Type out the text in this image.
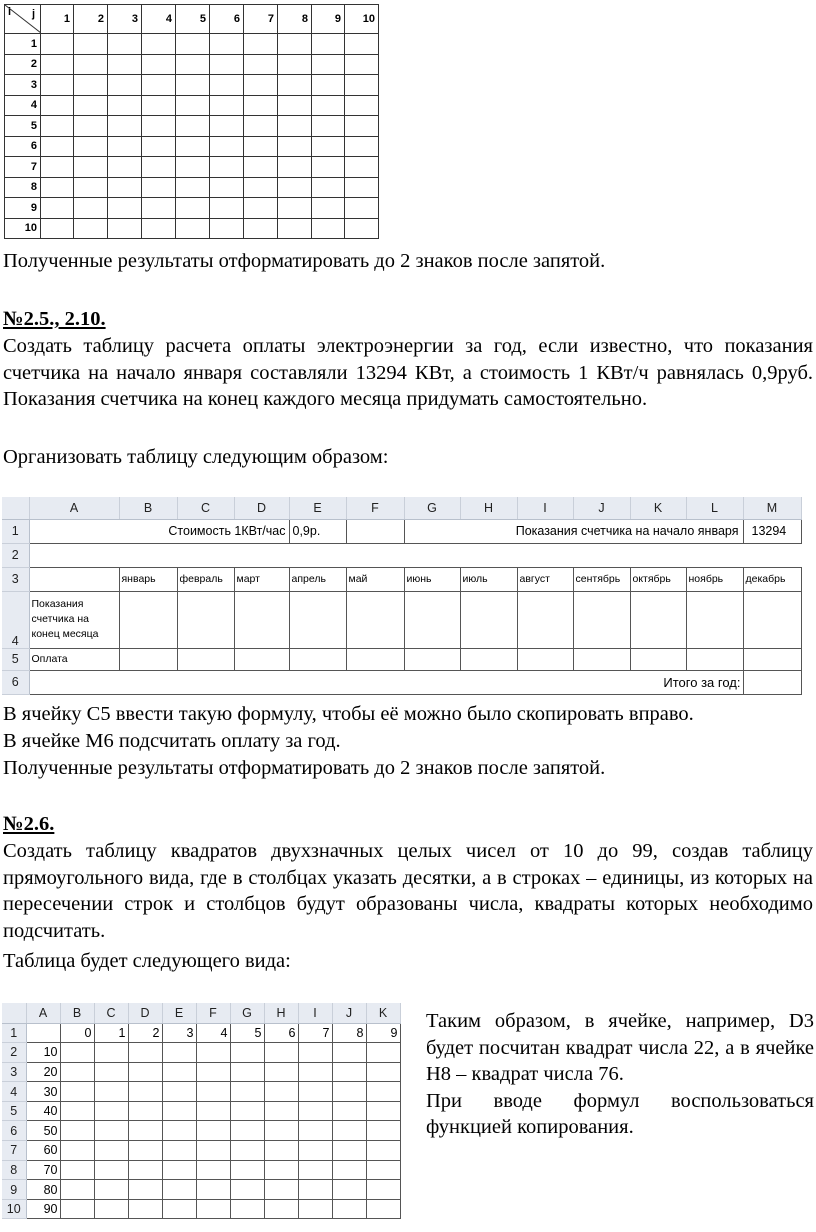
i j	1	2	3	4	5	6	7	8	9	10
1										
2										
3										
4										
5										
6										
7										
8										
9										
10										

Полученные результаты отформатировать до 2 знаков после запятой.

№2.5., 2.10.

Создать таблицу расчета оплаты электроэнергии за год, если известно, что показания счетчика на начало января составляли 13294 КВт, а стоимость 1 КВт/ч равнялась 0,9руб. Показания счетчика на конец каждого месяца придумать самостоятельно.

Организовать таблицу следующим образом:

	A	B	C	D	E	F	G	H	I	J	K	L	M	
1	Стоимость 1КВт/час				0,9р.		Показания счетчика на начало января						13294	
2														
3		январь	февраль	март	апрель	май	июнь	июль	август	сентябрь	октябрь	ноябрь	декабрь	
4	Показания
счетчика на
конец месяца													
5	Оплата													
6											Итого за год:			

В ячейку С5 ввести такую формулу, чтобы её можно было скопировать вправо.

В ячейке М6 подсчитать оплату за год.

Полученные результаты отформатировать до 2 знаков после запятой.

№2.6.

Создать таблицу квадратов двухзначных целых чисел от 10 до 99, создав таблицу прямоугольного вида, где в столбцах указать десятки, а в строках – единицы, из которых на пересечении строк и столбцов будут образованы числа, квадраты которых необходимо подсчитать.

Таблица будет следующего вида:

	A	B	C	D	E	F	G	H	I	J	K
1		0	1	2	3	4	5	6	7	8	9
2	10										
3	20										
4	30										
5	40										
6	50										
7	60										
8	70										
9	80										
10	90										

Таким образом, в ячейке, например, D3 будет посчитан квадрат числа 22, а в ячейке H8 – квадрат числа 76.

При вводе формул воспользоваться функцией копирования.
